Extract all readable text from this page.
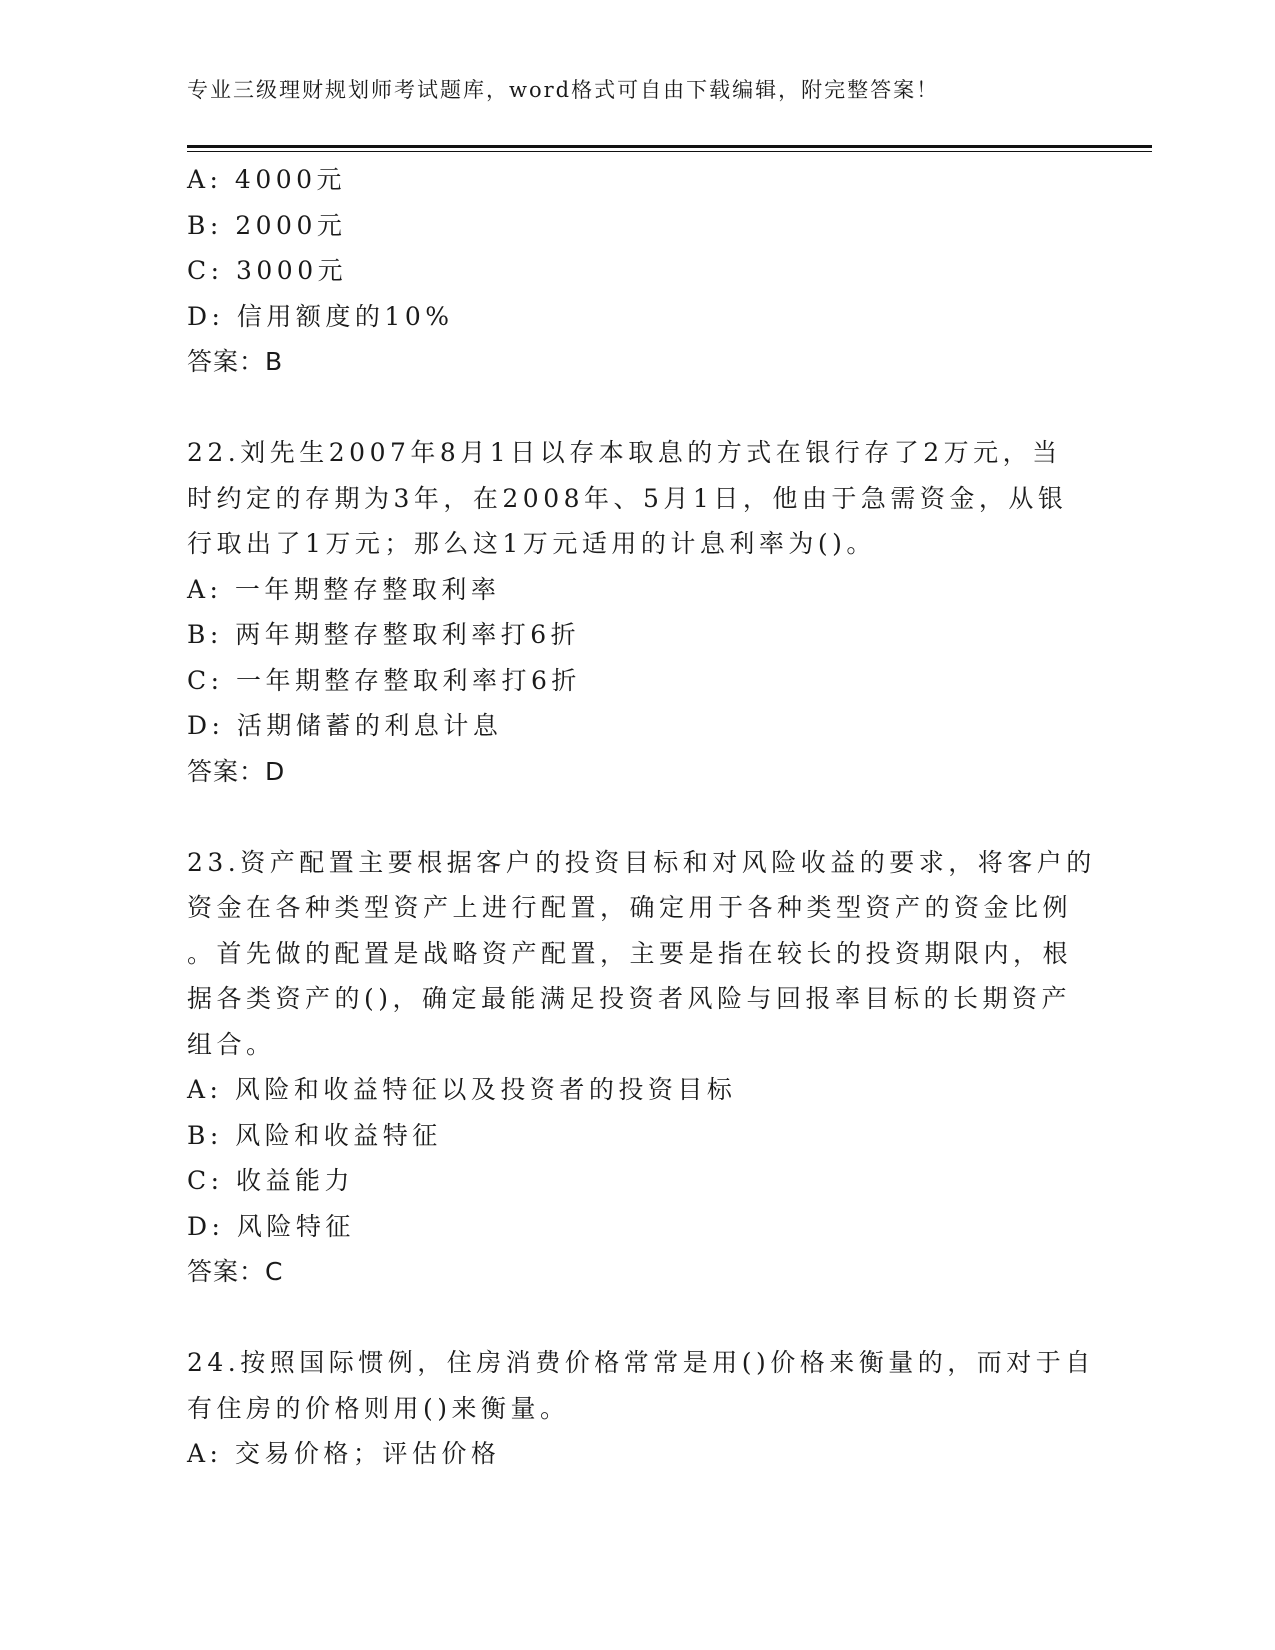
专业三级理财规划师考试题库，word格式可自由下载编辑，附完整答案！
A: 4000元
B: 2000元
C: 3000元
D: 信用额度的10%
答案：B
22.刘先生2007年8月1日以存本取息的方式在银行存了2万元，当
时约定的存期为3年，在2008年、5月1日，他由于急需资金，从银
行取出了1万元；那么这1万元适用的计息利率为()。
A: 一年期整存整取利率
B: 两年期整存整取利率打6折
C: 一年期整存整取利率打6折
D: 活期储蓄的利息计息
答案：D
23.资产配置主要根据客户的投资目标和对风险收益的要求，将客户的
资金在各种类型资产上进行配置，确定用于各种类型资产的资金比例
。首先做的配置是战略资产配置，主要是指在较长的投资期限内，根
据各类资产的()，确定最能满足投资者风险与回报率目标的长期资产
组合。
A: 风险和收益特征以及投资者的投资目标
B: 风险和收益特征
C: 收益能力
D: 风险特征
答案：C
24.按照国际惯例，住房消费价格常常是用()价格来衡量的，而对于自
有住房的价格则用()来衡量。
A: 交易价格；评估价格
